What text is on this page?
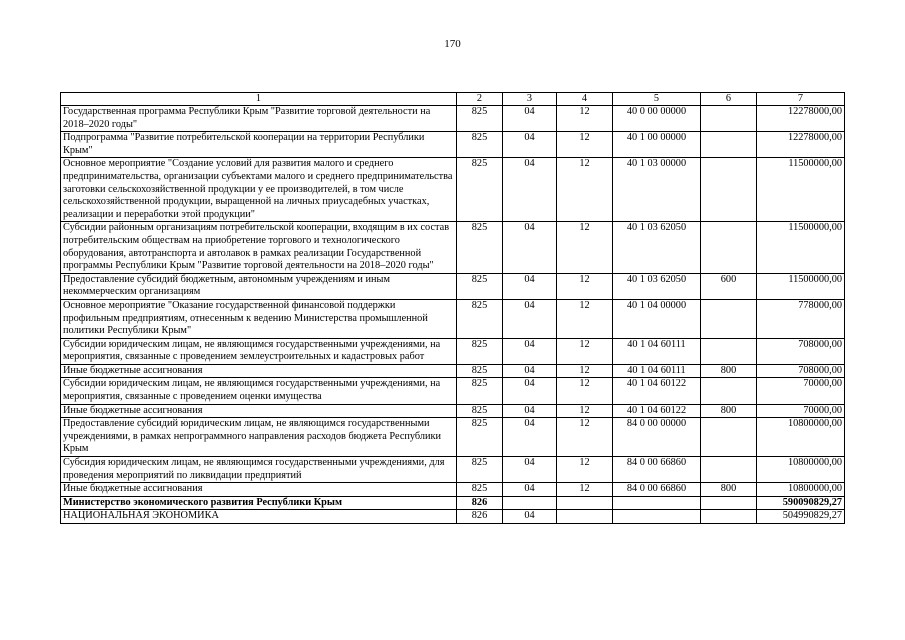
170
1	2	3	4	5	6	7
Государственная программа Республики Крым "Развитие торговой деятельности на 2018–2020 годы"	825	04	12	40 0 00 00000		12278000,00
Подпрограмма "Развитие потребительской кооперации на территории Республики Крым"	825	04	12	40 1 00 00000		12278000,00
Основное мероприятие "Создание условий для развития малого и среднего предпринимательства, организации субъектами малого и среднего предпринимательства заготовки сельскохозяйственной продукции у ее производителей, в том числе сельскохозяйственной продукции, выращенной на личных приусадебных участках, реализации и переработки этой продукции"	825	04	12	40 1 03 00000		11500000,00
Субсидии районным организациям потребительской кооперации, входящим в их состав потребительским обществам на приобретение торгового и технологического оборудования, автотранспорта и автолавок в рамках реализации Государственной программы Республики Крым "Развитие торговой деятельности на 2018–2020 годы"	825	04	12	40 1 03 62050		11500000,00
Предоставление субсидий бюджетным, автономным учреждениям и иным некоммерческим организациям	825	04	12	40 1 03 62050	600	11500000,00
Основное мероприятие "Оказание государственной финансовой поддержки профильным предприятиям, отнесенным к ведению Министерства промышленной политики Республики Крым"	825	04	12	40 1 04 00000		778000,00
Субсидии юридическим лицам, не являющимся государственными учреждениями, на мероприятия, связанные с проведением землеустроительных и кадастровых работ	825	04	12	40 1 04 60111		708000,00
Иные бюджетные ассигнования	825	04	12	40 1 04 60111	800	708000,00
Субсидии юридическим лицам, не являющимся государственными учреждениями, на мероприятия, связанные с проведением оценки имущества	825	04	12	40 1 04 60122		70000,00
Иные бюджетные ассигнования	825	04	12	40 1 04 60122	800	70000,00
Предоставление субсидий юридическим лицам, не являющимся государственными учреждениями, в рамках непрограммного направления расходов бюджета Республики Крым	825	04	12	84 0 00 00000		10800000,00
Субсидия юридическим лицам, не являющимся государственными учреждениями, для проведения мероприятий по ликвидации предприятий	825	04	12	84 0 00 66860		10800000,00
Иные бюджетные ассигнования	825	04	12	84 0 00 66860	800	10800000,00
Министерство экономического развития Республики Крым	826					590090829,27
НАЦИОНАЛЬНАЯ ЭКОНОМИКА	826	04				504990829,27
